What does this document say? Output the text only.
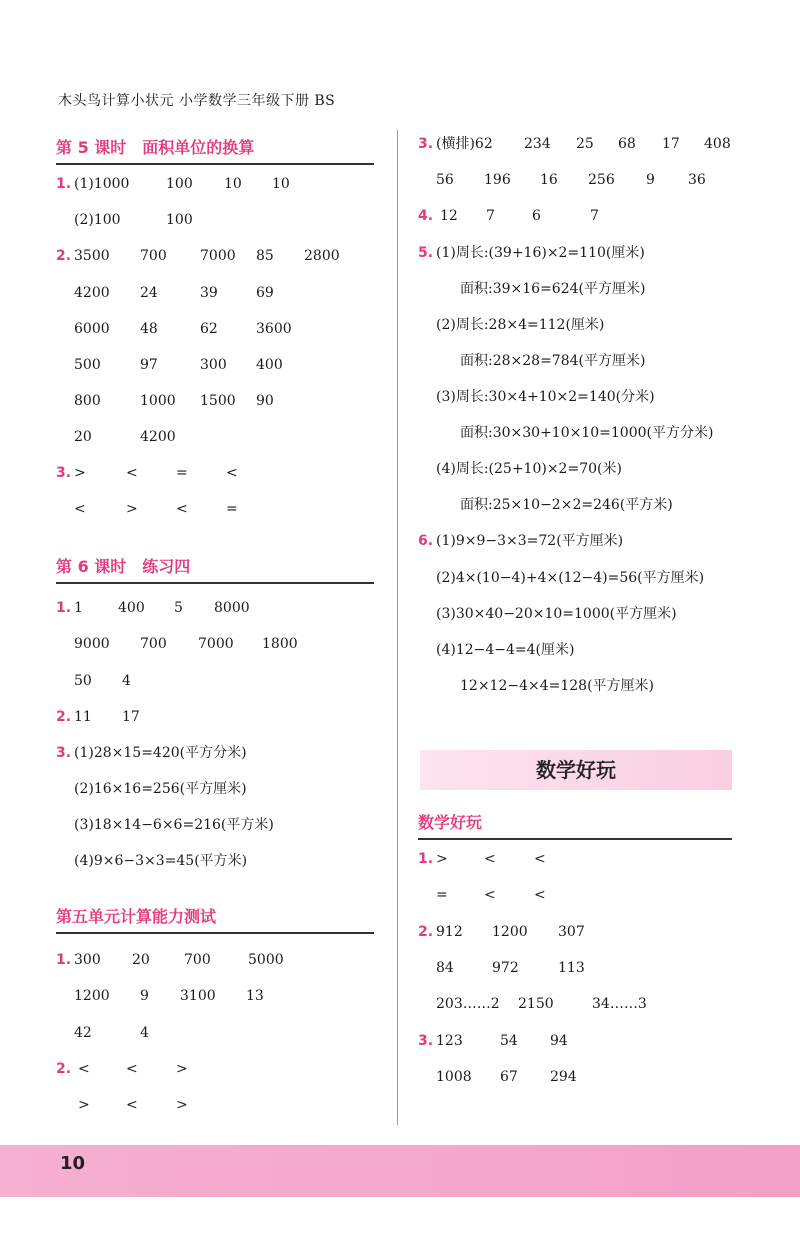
木头鸟计算小状元 小学数学三年级下册 BS
第 5 课时 面积单位的换算
1. (1)1000	100 10 10
(2)100	100
2. 3500 700 7000 85 2800
4200 24	39	69
6000 48	62	3600
500	97	300 400
800	1000 1500 90
20	4200
3. >	<	=	<
<	>	<	=
第 6 课时 练习四
1. 1	400 5 8000
9000 700 7000 1800
50 4
2. 11 17
3. (1)28×15=420(平方分米)
(2)16×16=256(平方厘米)
(3)18×14−6×6=216(平方米)
(4)9×6−3×3=45(平方米)
第五单元计算能力测试
1. 300 20 700	5000
1200 9 3100 13
42	4
2. <	<	>
>	<	>
3. (横排)62 234 25 68 17 408
56 196 16 256 9 36
4. 12 7	6	7
5. (1)周长:(39+16)×2=110(厘米)
面积:39×16=624(平方厘米)
(2)周长:28×4=112(厘米)
面积:28×28=784(平方厘米)
(3)周长:30×4+10×2=140(分米)
面积:30×30+10×10=1000(平方分米)
(4)周长:(25+10)×2=70(米)
面积:25×10−2×2=246(平方米)
6. (1)9×9−3×3=72(平方厘米)
(2)4×(10−4)+4×(12−4)=56(平方厘米)
(3)30×40−20×10=1000(平方厘米)
(4)12−4−4=4(厘米)
12×12−4×4=128(平方厘米)
数学好玩
1. >	<	<
=	<	<
2. 912 1200 307
84	972	113
203……2 2150	34……3
3. 123	54 94
1008 67 294
数学好玩
10
